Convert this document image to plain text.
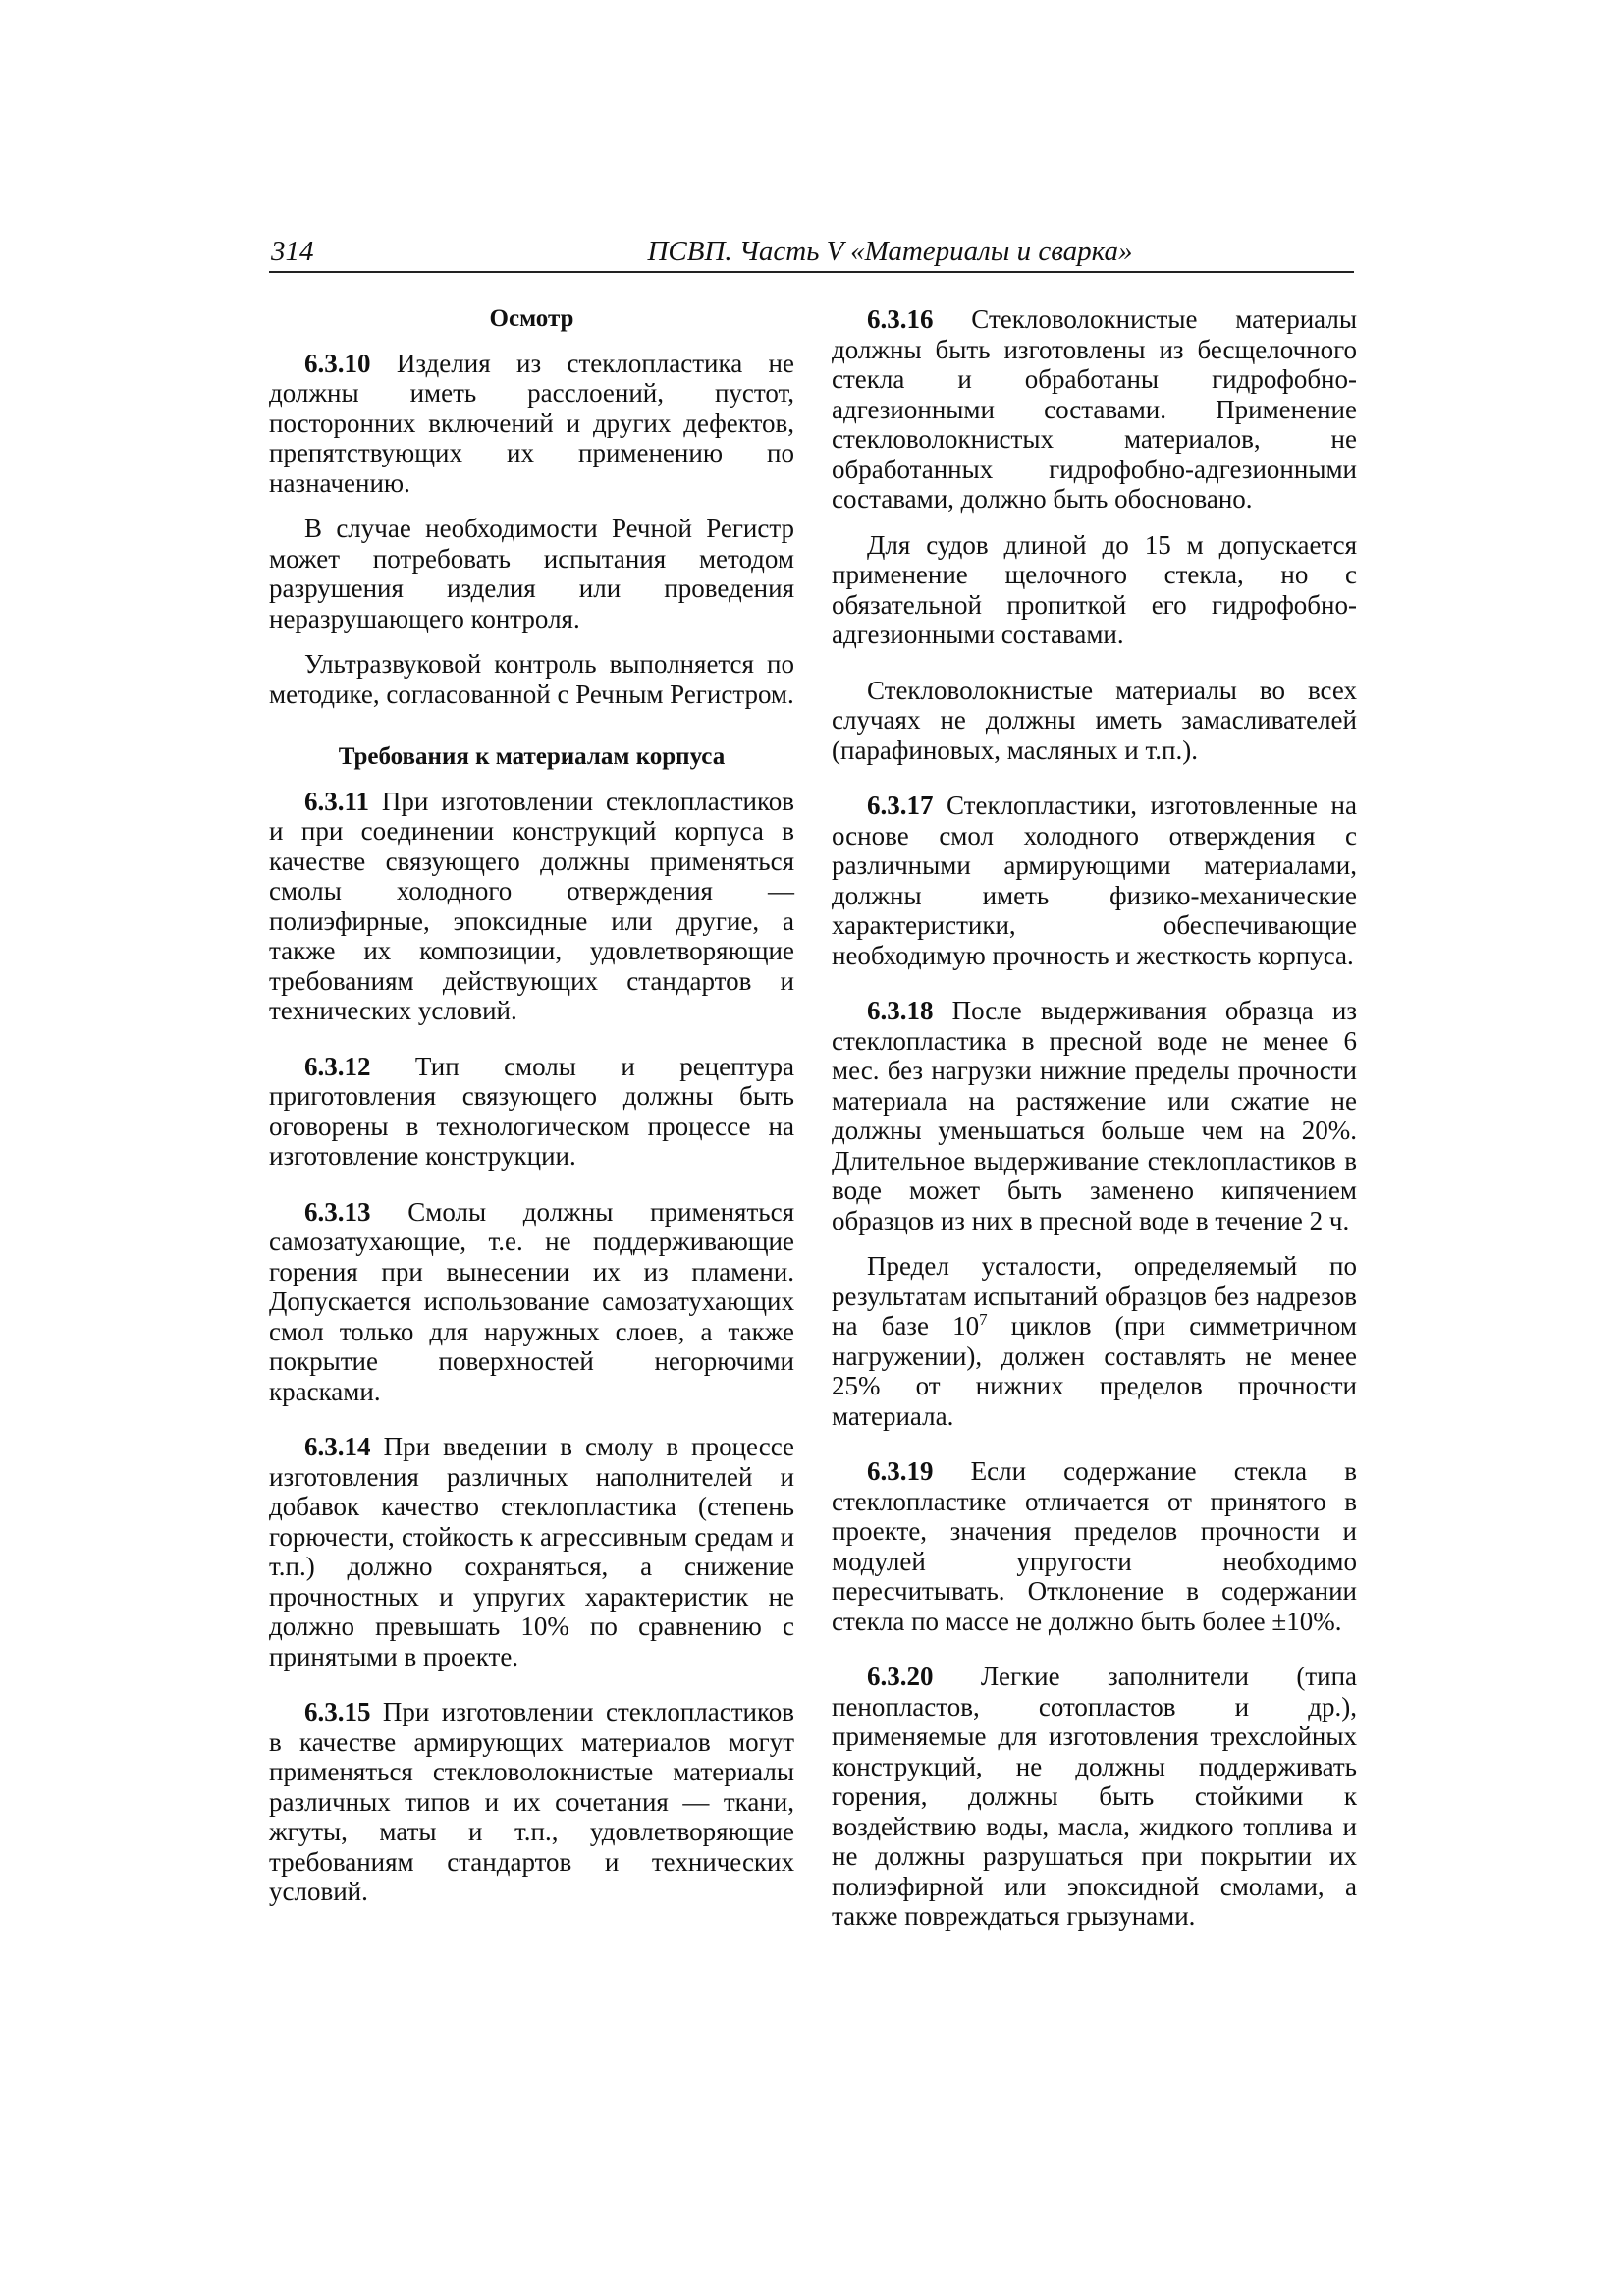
314	ПСВП. Часть V «Материалы и сварка»
Осмотр

6.3.10 Изделия из стеклопластика не должны иметь расслоений, пустот, посторонних включений и других дефектов, препятствующих их применению по назначению.

В случае необходимости Речной Регистр может потребовать испытания методом разрушения изделия или проведения неразрушающего контроля.

Ультразвуковой контроль выполняется по методике, согласованной с Речным Регистром.

Требования к материалам корпуса

6.3.11 При изготовлении стеклопластиков и при соединении конструкций корпуса в качестве связующего должны применяться смолы холодного отверждения — полиэфирные, эпоксидные или другие, а также их композиции, удовлетворяющие требованиям действующих стандартов и технических условий.

6.3.12 Тип смолы и рецептура приготовления связующего должны быть оговорены в технологическом процессе на изготовление конструкции.

6.3.13 Смолы должны применяться самозатухающие, т.е. не поддерживающие горения при вынесении их из пламени. Допускается использование самозатухающих смол только для наружных слоев, а также покрытие поверхностей негорючими красками.

6.3.14 При введении в смолу в процессе изготовления различных наполнителей и добавок качество стеклопластика (степень горючести, стойкость к агрессивным средам и т.п.) должно сохраняться, а снижение прочностных и упругих характеристик не должно превышать 10% по сравнению с принятыми в проекте.

6.3.15 При изготовлении стеклопластиков в качестве армирующих материалов могут применяться стекловолокнистые материалы различных типов и их сочетания — ткани, жгуты, маты и т.п., удовлетворяющие требованиям стандартов и технических условий.

6.3.16 Стекловолокнистые материалы должны быть изготовлены из бесщелочного стекла и обработаны гидрофобно-адгезионными составами. Применение стекловолокнистых материалов, не обработанных гидрофобно-адгезионными составами, должно быть обосновано.

Для судов длиной до 15 м допускается применение щелочного стекла, но с обязательной пропиткой его гидрофобно-адгезионными составами.

Стекловолокнистые материалы во всех случаях не должны иметь замасливателей (парафиновых, масляных и т.п.).

6.3.17 Стеклопластики, изготовленные на основе смол холодного отверждения с различными армирующими материалами, должны иметь физико-механические характеристики, обеспечивающие необходимую прочность и жесткость корпуса.

6.3.18 После выдерживания образца из стеклопластика в пресной воде не менее 6 мес. без нагрузки нижние пределы прочности материала на растяжение или сжатие не должны уменьшаться больше чем на 20%. Длительное выдерживание стеклопластиков в воде может быть заменено кипячением образцов из них в пресной воде в течение 2 ч.

Предел усталости, определяемый по результатам испытаний образцов без надрезов на базе $10^7$ циклов (при симметричном нагружении), должен составлять не менее 25% от нижних пределов прочности материала.

6.3.19 Если содержание стекла в стеклопластике отличается от принятого в проекте, значения пределов прочности и модулей упругости необходимо пересчитывать. Отклонение в содержании стекла по массе не должно быть более ±10%.

6.3.20 Легкие заполнители (типа пенопластов, сотопластов и др.), применяемые для изготовления трехслойных конструкций, не должны поддерживать горения, должны быть стойкими к воздействию воды, масла, жидкого топлива и не должны разрушаться при покрытии их полиэфирной или эпоксидной смолами, а также повреждаться грызунами.
